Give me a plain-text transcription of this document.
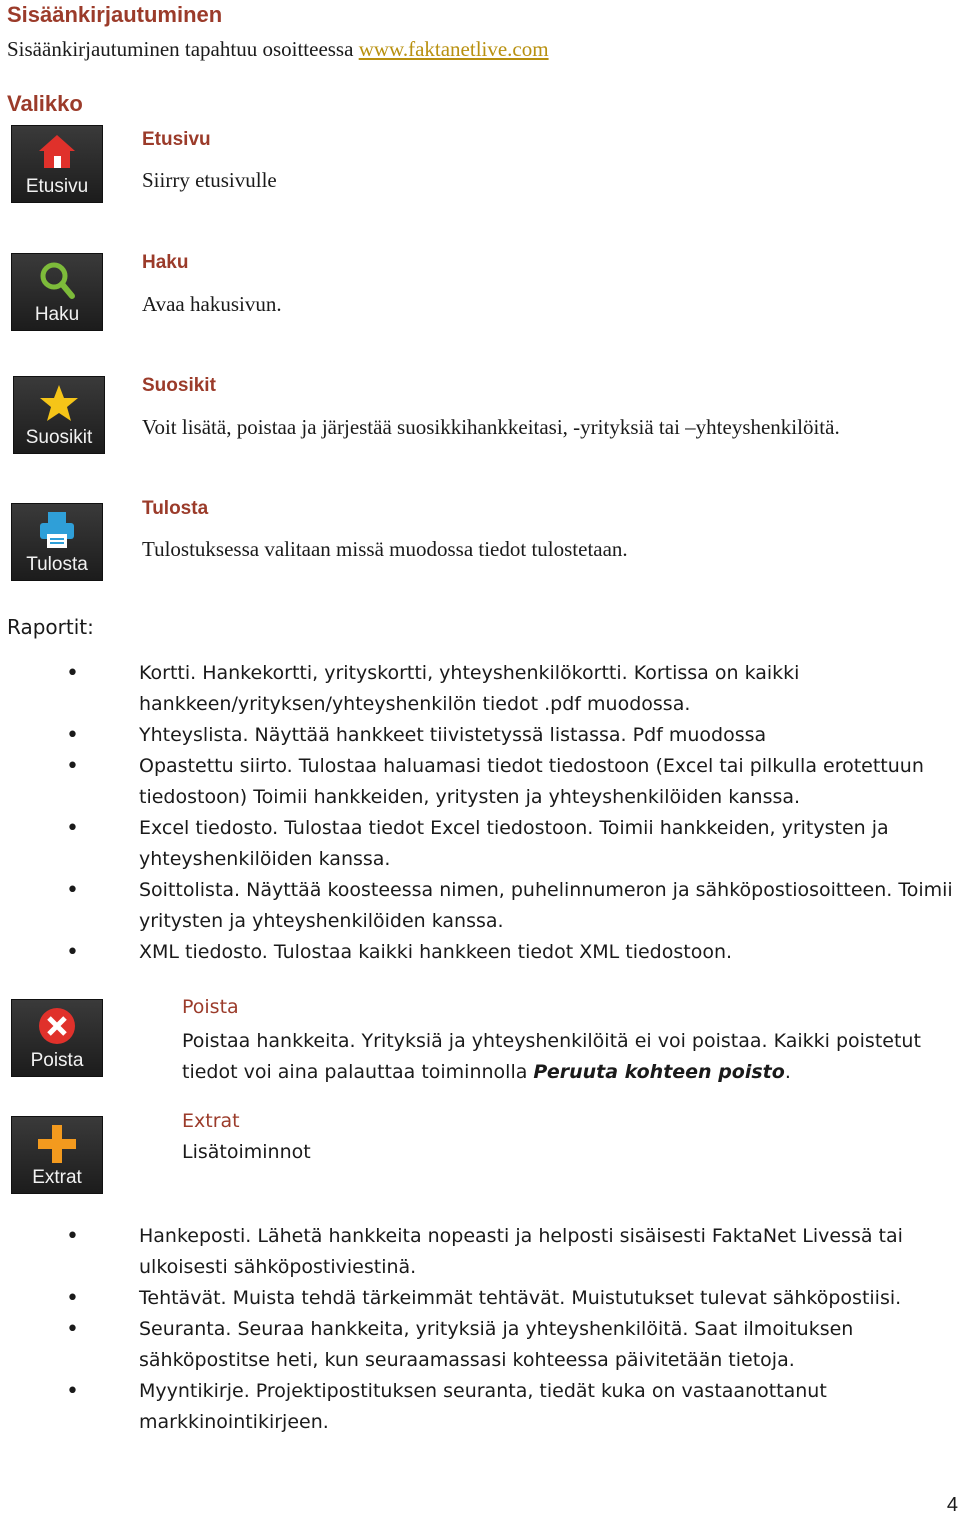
Sisäänkirjautuminen
Sisäänkirjautuminen tapahtuu osoitteessa www.faktanetlive.com
Valikko
Etusivu
Etusivu
Siirry etusivulle
Haku
Haku
Avaa hakusivun.
Suosikit
Suosikit
Voit lisätä, poistaa ja järjestää suosikkihankkeitasi, -yrityksiä tai –yhteyshenkilöitä.
Tulosta
Tulosta
Tulostuksessa valitaan missä muodossa tiedot tulostetaan.
Raportit:
• Kortti. Hankekortti, yrityskortti, yhteyshenkilökortti. Kortissa on kaikki hankkeen/yrityksen/yhteyshenkilön tiedot .pdf muodossa.
• Yhteyslista. Näyttää hankkeet tiivistetyssä listassa. Pdf muodossa
• Opastettu siirto. Tulostaa haluamasi tiedot tiedostoon (Excel tai pilkulla erotettuun tiedostoon) Toimii hankkeiden, yritysten ja yhteyshenkilöiden kanssa.
• Excel tiedosto. Tulostaa tiedot Excel tiedostoon. Toimii hankkeiden, yritysten ja yhteyshenkilöiden kanssa.
• Soittolista. Näyttää koosteessa nimen, puhelinnumeron ja sähköpostiosoitteen. Toimii yritysten ja yhteyshenkilöiden kanssa.
• XML tiedosto. Tulostaa kaikki hankkeen tiedot XML tiedostoon.
Poista
Poista
Poistaa hankkeita. Yrityksiä ja yhteyshenkilöitä ei voi poistaa. Kaikki poistetut tiedot voi aina palauttaa toiminnolla Peruuta kohteen poisto.
Extrat
Extrat
Lisätoiminnot
• Hankeposti. Lähetä hankkeita nopeasti ja helposti sisäisesti FaktaNet Livessä tai ulkoisesti sähköpostiviestinä.
• Tehtävät. Muista tehdä tärkeimmät tehtävät. Muistutukset tulevat sähköpostiisi.
• Seuranta. Seuraa hankkeita, yrityksiä ja yhteyshenkilöitä. Saat ilmoituksen sähköpostitse heti, kun seuraamassasi kohteessa päivitetään tietoja.
• Myyntikirje. Projektipostituksen seuranta, tiedät kuka on vastaanottanut markkinointikirjeen.
4
